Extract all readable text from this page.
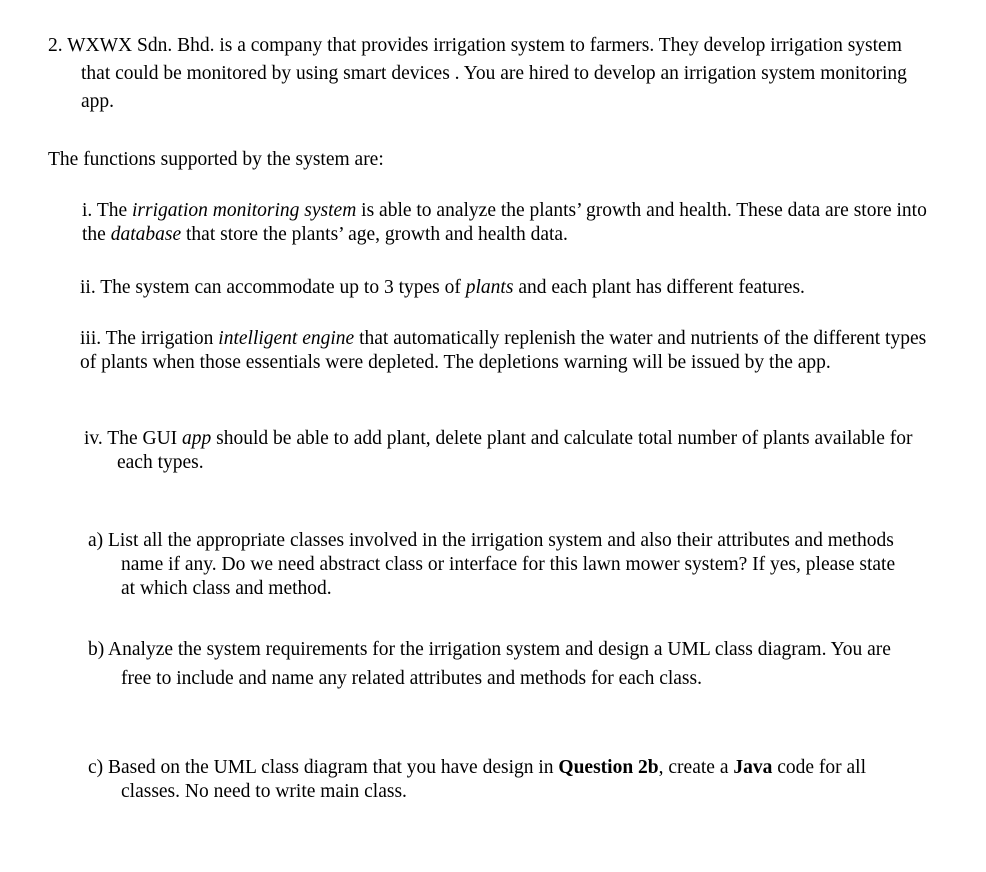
2. WXWX Sdn. Bhd. is a company that provides irrigation system to farmers. They develop irrigation system that could be monitored by using smart devices . You are hired to develop an irrigation system monitoring app.

The functions supported by the system are:

i. The irrigation monitoring system is able to analyze the plants’ growth and health. These data are store into the database that store the plants’ age, growth and health data.

ii. The system can accommodate up to 3 types of plants and each plant has different features.

iii. The irrigation intelligent engine that automatically replenish the water and nutrients of the different types of plants when those essentials were depleted. The depletions warning will be issued by the app.

iv. The GUI app should be able to add plant, delete plant and calculate total number of plants available for each types.

a) List all the appropriate classes involved in the irrigation system and also their attributes and methods name if any. Do we need abstract class or interface for this lawn mower system? If yes, please state at which class and method.

b) Analyze the system requirements for the irrigation system and design a UML class diagram. You are free to include and name any related attributes and methods for each class.

c) Based on the UML class diagram that you have design in Question 2b, create a Java code for all classes. No need to write main class.
